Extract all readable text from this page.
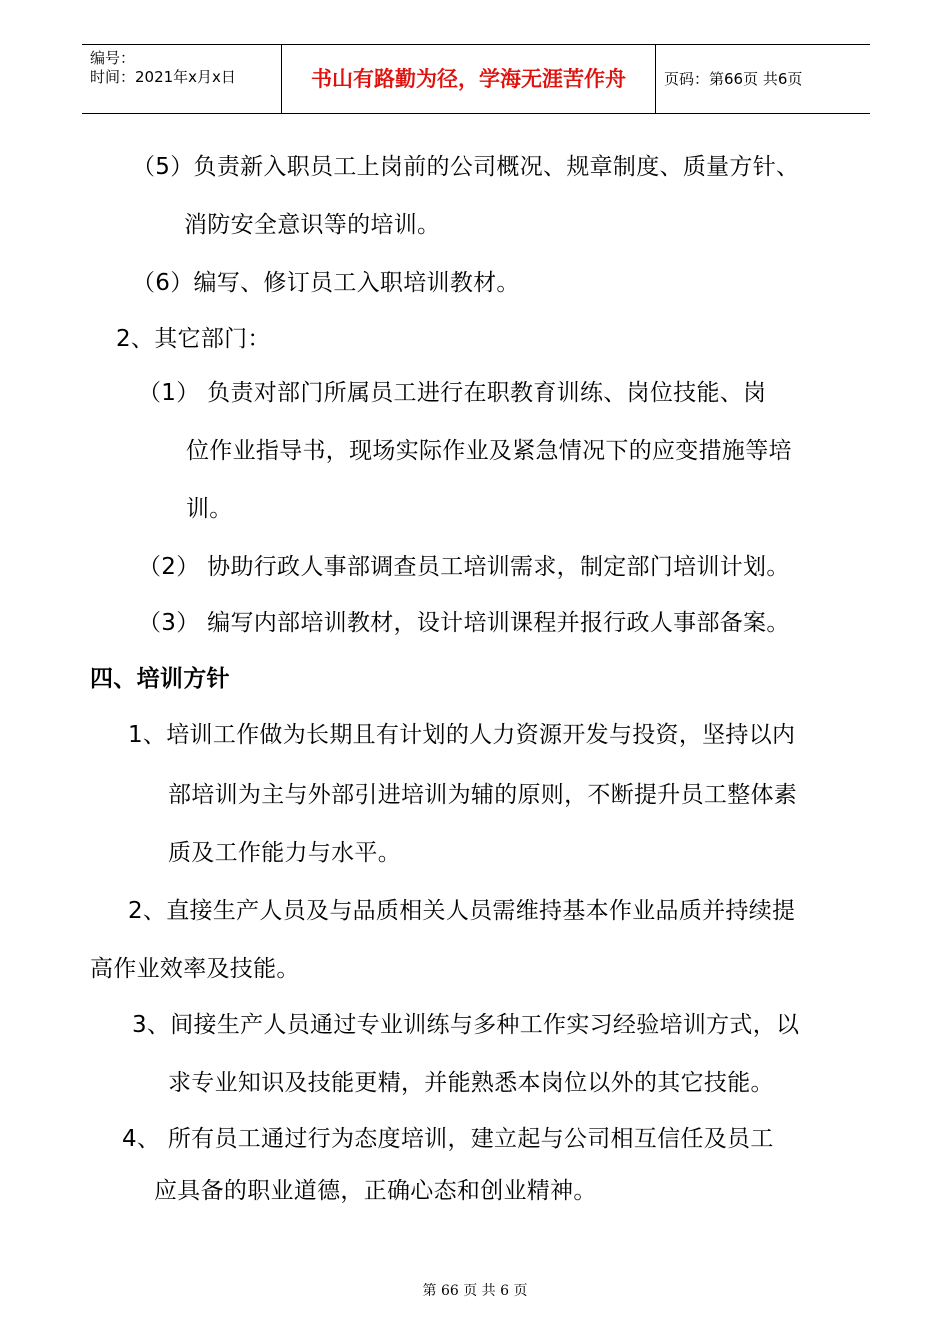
编号：
时间：2021年x月x日	书山有路勤为径，学海无涯苦作舟	页码：第66页 共6页
（5）负责新入职员工上岗前的公司概况、规章制度、质量方针、
消防安全意识等的培训。
（6）编写、修订员工入职培训教材。
2、其它部门：
（1） 负责对部门所属员工进行在职教育训练、岗位技能、岗
位作业指导书，现场实际作业及紧急情况下的应变措施等培
训。
（2） 协助行政人事部调查员工培训需求，制定部门培训计划。
（3） 编写内部培训教材，设计培训课程并报行政人事部备案。
四、培训方针
1、培训工作做为长期且有计划的人力资源开发与投资，坚持以内
部培训为主与外部引进培训为辅的原则，不断提升员工整体素
质及工作能力与水平。
2、直接生产人员及与品质相关人员需维持基本作业品质并持续提
高作业效率及技能。
3、间接生产人员通过专业训练与多种工作实习经验培训方式，以
求专业知识及技能更精，并能熟悉本岗位以外的其它技能。
4、 所有员工通过行为态度培训，建立起与公司相互信任及员工
应具备的职业道德，正确心态和创业精神。
第 66 页 共 6 页
